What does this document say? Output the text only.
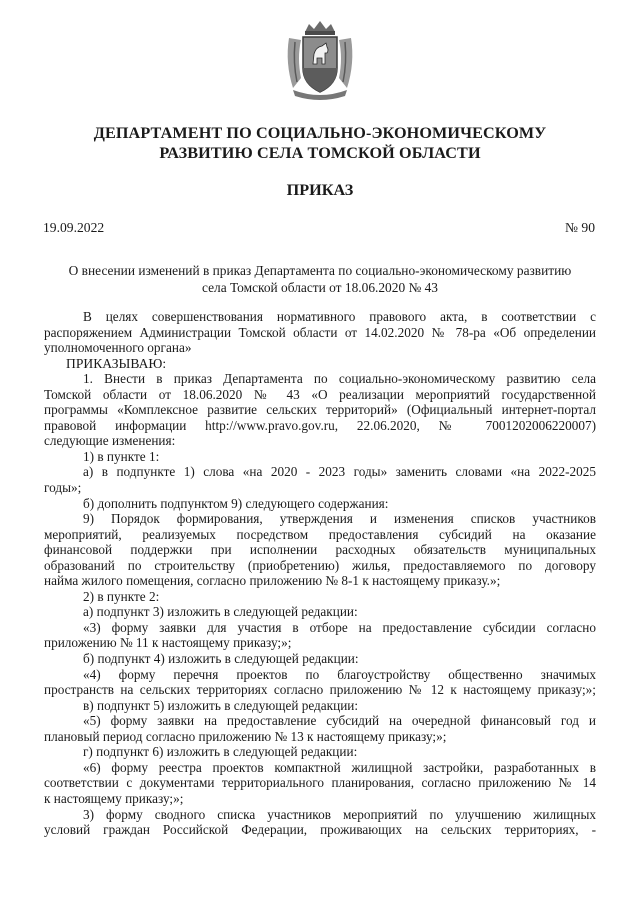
ДЕПАРТАМЕНТ ПО СОЦИАЛЬНО-ЭКОНОМИЧЕСКОМУ
РАЗВИТИЮ СЕЛА ТОМСКОЙ ОБЛАСТИ
ПРИКАЗ
19.09.2022	№ 90
О внесении изменений в приказ Департамента по социально-экономическому развитию
села Томской области от 18.06.2020 № 43
В целях совершенствования нормативного правового акта, в соответствии с
распоряжением Администрации Томской области от 14.02.2020 № 78-ра «Об определении
уполномоченного органа»
ПРИКАЗЫВАЮ:
1. Внести в приказ Департамента по социально-экономическому развитию села
Томской области от 18.06.2020 № 43 «О реализации мероприятий государственной
программы «Комплексное развитие сельских территорий» (Официальный интернет-портал
правовой информации http://www.pravo.gov.ru, 22.06.2020, № 7001202006220007)
следующие изменения:
1) в пункте 1:
а) в подпункте 1) слова «на 2020 - 2023 годы» заменить словами «на 2022-2025
годы»;
б) дополнить подпунктом 9) следующего содержания:
9) Порядок формирования, утверждения и изменения списков участников
мероприятий, реализуемых посредством предоставления субсидий на оказание
финансовой поддержки при исполнении расходных обязательств муниципальных
образований по строительству (приобретению) жилья, предоставляемого по договору
найма жилого помещения, согласно приложению № 8-1 к настоящему приказу.»;
2) в пункте 2:
а) подпункт 3) изложить в следующей редакции:
«3) форму заявки для участия в отборе на предоставление субсидии согласно
приложению № 11 к настоящему приказу;»;
б) подпункт 4) изложить в следующей редакции:
«4) форму перечня проектов по благоустройству общественно значимых
пространств на сельских территориях согласно приложению № 12 к настоящему приказу;»;
в) подпункт 5) изложить в следующей редакции:
«5) форму заявки на предоставление субсидий на очередной финансовый год и
плановый период согласно приложению № 13 к настоящему приказу;»;
г) подпункт 6) изложить в следующей редакции:
«6) форму реестра проектов компактной жилищной застройки, разработанных в
соответствии с документами территориального планирования, согласно приложению № 14
к настоящему приказу;»;
3) форму сводного списка участников мероприятий по улучшению жилищных
условий граждан Российской Федерации, проживающих на сельских территориях, -
